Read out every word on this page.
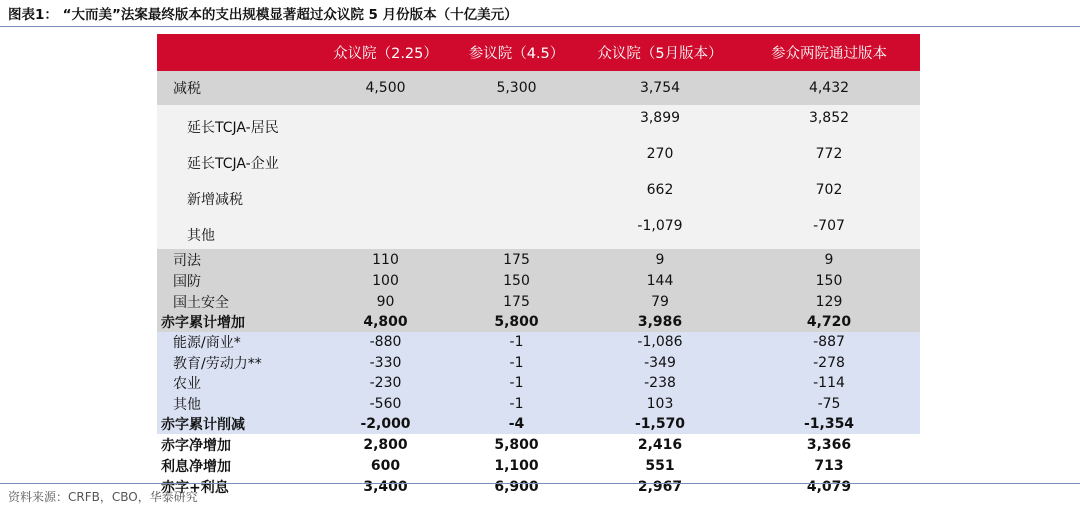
图表1： “大而美”法案最终版本的支出规模显著超过众议院 5 月份版本（十亿美元）
	众议院（2.25）	参议院（4.5）	众议院（5月版本）	参众两院通过版本
减税	4,500	5,300	3,754	4,432
延长TCJA-居民			3,899	3,852
延长TCJA-企业			270	772
新增减税			662	702
其他			-1,079	-707
司法	110	175	9	9
国防	100	150	144	150
国土安全	90	175	79	129
赤字累计增加	4,800	5,800	3,986	4,720
能源/商业*	-880	-1	-1,086	-887
教育/劳动力**	-330	-1	-349	-278
农业	-230	-1	-238	-114
其他	-560	-1	103	-75
赤字累计削减	-2,000	-4	-1,570	-1,354
赤字净增加	2,800	5,800	2,416	3,366
利息净增加	600	1,100	551	713
赤字+利息	3,400	6,900	2,967	4,079
资料来源：CRFB，CBO，华泰研究
